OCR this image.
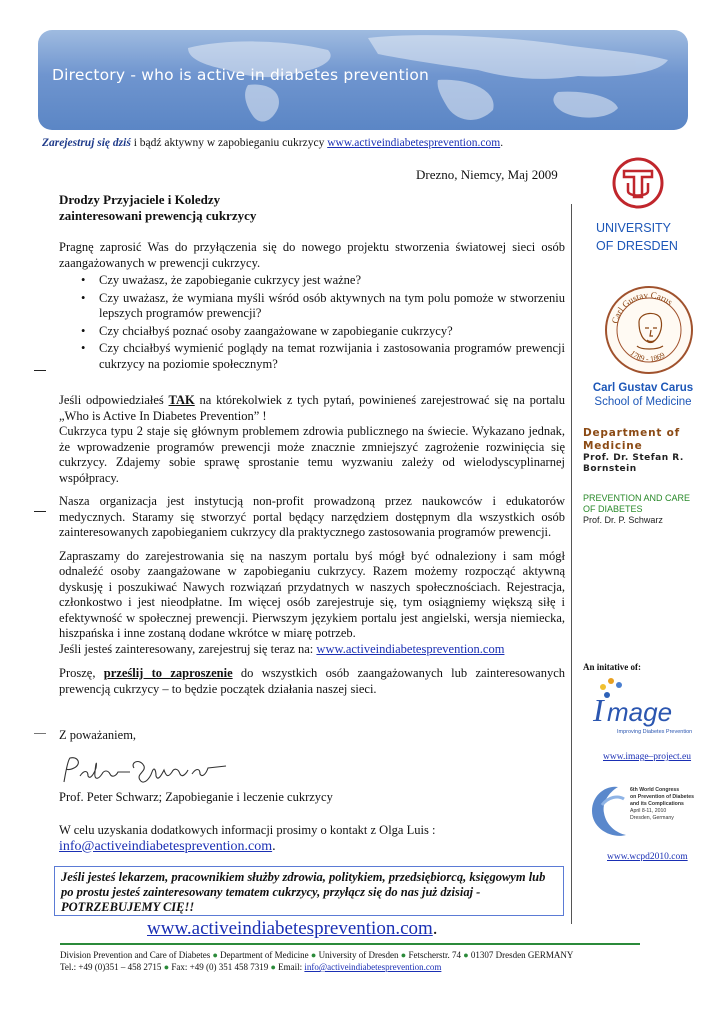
Directory - who is active in diabetes prevention
Zarejestruj się dziś i bądź aktywny w zapobieganiu cukrzycy www.activeindiabetesprevention.com.
Drezno, Niemcy, Maj 2009
Drodzy Przyjaciele i Koledzy
zainteresowani prewencją cukrzycy

Pragnę zaprosić Was do przyłączenia się do nowego projektu stworzenia światowej sieci osób zaangażowanych w prewencji cukrzycy.

• Czy uważasz, że zapobieganie cukrzycy jest ważne?
• Czy uważasz, że wymiana myśli wśród osób aktywnych na tym polu pomoże w stworzeniu lepszych programów prewencji?
• Czy chciałbyś poznać osoby zaangażowane w zapobieganie cukrzycy?
• Czy chciałbyś wymienić poglądy na temat rozwijania i zastosowania programów prewencji cukrzycy na poziomie społecznym?

Jeśli odpowiedziałeś TAK na którekolwiek z tych pytań, powinieneś zarejestrować się na portalu „Who is Active In Diabetes Prevention” !

Cukrzyca typu 2 staje się głównym problemem zdrowia publicznego na świecie. Wykazano jednak, że wprowadzenie programów prewencji może znacznie zmniejszyć zagrożenie rozwinięcia się cukrzycy. Zdajemy sobie sprawę sprostanie temu wyzwaniu zależy od wielodyscyplinarnej współpracy.

Nasza organizacja jest instytucją non-profit prowadzoną przez naukowców i edukatorów medycznych. Staramy się stworzyć portal będący narzędziem dostępnym dla wszystkich osób zainteresowanych zapobieganiem cukrzycy dla praktycznego zastosowania programów prewencji.

Zapraszamy do zarejestrowania się na naszym portalu byś mógł być odnaleziony i sam mógł odnaleźć osoby zaangażowane w zapobieganiu cukrzycy. Razem możemy rozpocząć aktywną dyskusję i poszukiwać Nawych rozwiązań przydatnych w naszych społecznościach. Rejestracja, członkostwo i jest nieodpłatne. Im więcej osób zarejestruje się, tym osiągniemy większą siłę i efektywność w społecznej prewencji. Pierwszym językiem portalu jest angielski, wersja niemiecka, hiszpańska i inne zostaną dodane wkrótce w miarę potrzeb.

Jeśli jesteś zainteresowany, zarejestruj się teraz na: www.activeindiabetesprevention.com

Proszę, prześlij to zaproszenie do wszystkich osób zaangażowanych lub zainteresowanych prewencją cukrzycy – to będzie początek działania naszej sieci.

Z poważaniem,
Prof. Peter Schwarz; Zapobieganie i leczenie cukrzycy

W celu uzyskania dodatkowych informacji prosimy o kontakt z Olga Luis :

info@activeindiabetesprevention.com.

Jeśli jesteś lekarzem, pracownikiem służby zdrowia, politykiem, przedsiębiorcą, księgowym lub po prostu jesteś zainteresowany tematem cukrzycy, przyłącz się do nas już dzisiaj - POTRZEBUJEMY CIĘ!!
www.activeindiabetesprevention.com.
UNIVERSITY
OF DRESDEN
Carl Gustav Carus
1789 - 1869
Carl Gustav Carus
School of Medicine
Department of
Medicine
Prof. Dr. Stefan R.
Bornstein
PREVENTION AND CARE
OF DIABETES
Prof. Dr. P. Schwarz
An initative of:
I mage
Improving Diabetes Prevention
www.image–project.eu
6th World Congress
on Prevention of Diabetes
and its Complications
April 8-11, 2010
Dresden, Germany
www.wcpd2010.com
Division Prevention and Care of Diabetes ● Department of Medicine ● University of Dresden ● Fetscherstr. 74 ● 01307 Dresden GERMANY
Tel.: +49 (0)351 – 458 2715 ● Fax: +49 (0) 351 458 7319 ● Email: info@activeindiabetesprevention.com
